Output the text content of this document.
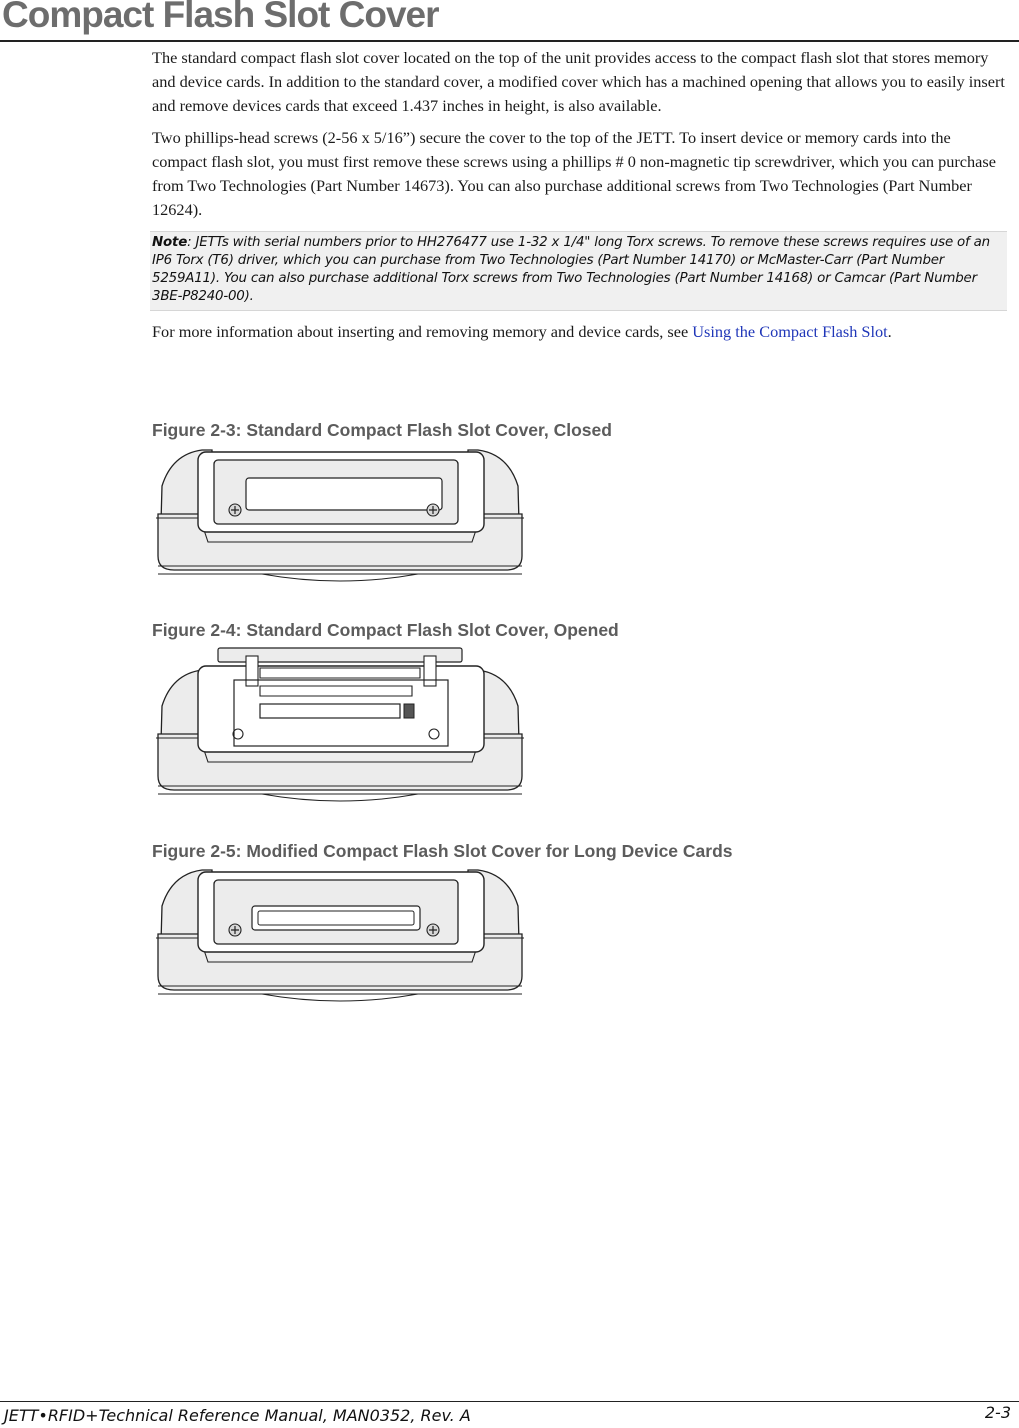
Compact Flash Slot Cover

The standard compact flash slot cover located on the top of the unit provides access to the compact flash slot that stores memory and device cards. In addition to the standard cover, a modified cover which has a machined opening that allows you to easily insert and remove devices cards that exceed 1.437 inches in height, is also available.

Two phillips-head screws (2-56 x 5/16”) secure the cover to the top of the JETT. To insert device or memory cards into the compact flash slot, you must first remove these screws using a phillips # 0 non-magnetic tip screwdriver, which you can purchase from Two Technologies (Part Number 14673). You can also purchase additional screws from Two Technologies (Part Number 12624).

Note: JETTs with serial numbers prior to HH276477 use 1-32 x 1/4" long Torx screws. To remove these screws requires use of an IP6 Torx (T6) driver, which you can purchase from Two Technologies (Part Number 14170) or McMaster-Carr (Part Number 5259A11). You can also purchase additional Torx screws from Two Technologies (Part Number 14168) or Camcar (Part Number 3BE-P8240-00).

For more information about inserting and removing memory and device cards, see Using the Compact Flash Slot.

Figure 2-3: Standard Compact Flash Slot Cover, Closed

Figure 2-4: Standard Compact Flash Slot Cover, Opened

Figure 2-5: Modified Compact Flash Slot Cover for Long Device Cards

JETT•RFID+Technical Reference Manual, MAN0352, Rev. A	2-3
